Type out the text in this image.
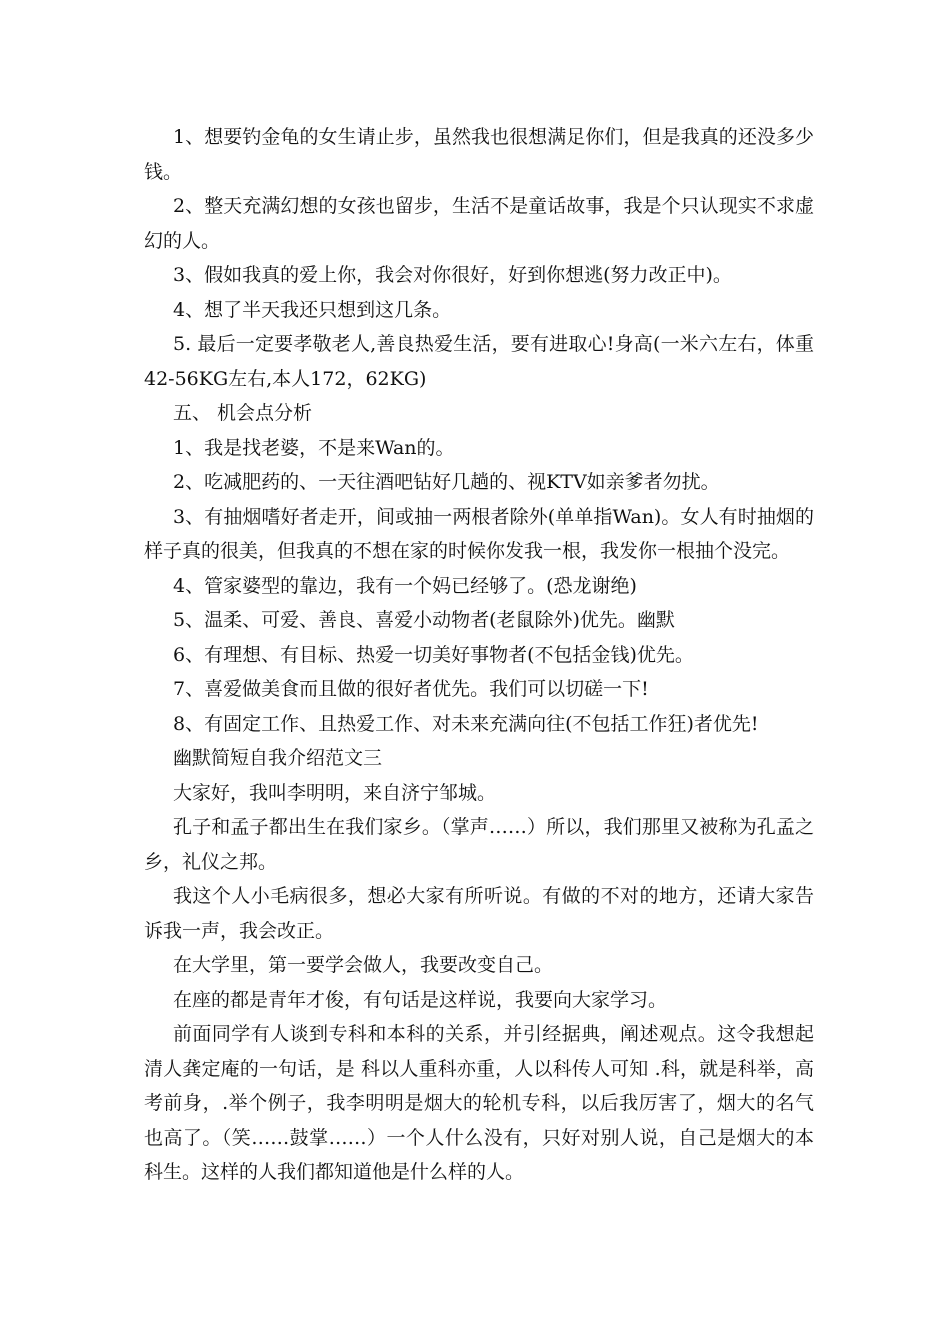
1、想要钓金龟的女生请止步，虽然我也很想满足你们，但是我真的还没多少钱。

2、整天充满幻想的女孩也留步，生活不是童话故事，我是个只认现实不求虚幻的人。

3、假如我真的爱上你，我会对你很好，好到你想逃(努力改正中)。

4、想了半天我还只想到这几条。

5. 最后一定要孝敬老人,善良热爱生活，要有进取心!身高(一米六左右，体重42-56KG左右,本人172，62KG)

五、 机会点分析

1、我是找老婆，不是来Wan的。

2、吃减肥药的、一天往酒吧钻好几趟的、视KTV如亲爹者勿扰。

3、有抽烟嗜好者走开，间或抽一两根者除外(单单指Wan)。女人有时抽烟的样子真的很美，但我真的不想在家的时候你发我一根，我发你一根抽个没完。

4、管家婆型的靠边，我有一个妈已经够了。(恐龙谢绝)

5、温柔、可爱、善良、喜爱小动物者(老鼠除外)优先。幽默

6、有理想、有目标、热爱一切美好事物者(不包括金钱)优先。

7、喜爱做美食而且做的很好者优先。我们可以切磋一下!

8、有固定工作、且热爱工作、对未来充满向往(不包括工作狂)者优先!

幽默简短自我介绍范文三

大家好，我叫李明明，来自济宁邹城。

孔子和孟子都出生在我们家乡。（掌声……）所以，我们那里又被称为孔孟之乡，礼仪之邦。

我这个人小毛病很多，想必大家有所听说。有做的不对的地方，还请大家告诉我一声，我会改正。

在大学里，第一要学会做人，我要改变自己。

在座的都是青年才俊，有句话是这样说，我要向大家学习。

前面同学有人谈到专科和本科的关系，并引经据典，阐述观点。这令我想起清人龚定庵的一句话，是 科以人重科亦重，人以科传人可知 .科，就是科举，高考前身，.举个例子，我李明明是烟大的轮机专科，以后我厉害了，烟大的名气也高了。（笑……鼓掌……）一个人什么没有，只好对别人说，自己是烟大的本科生。这样的人我们都知道他是什么样的人。
